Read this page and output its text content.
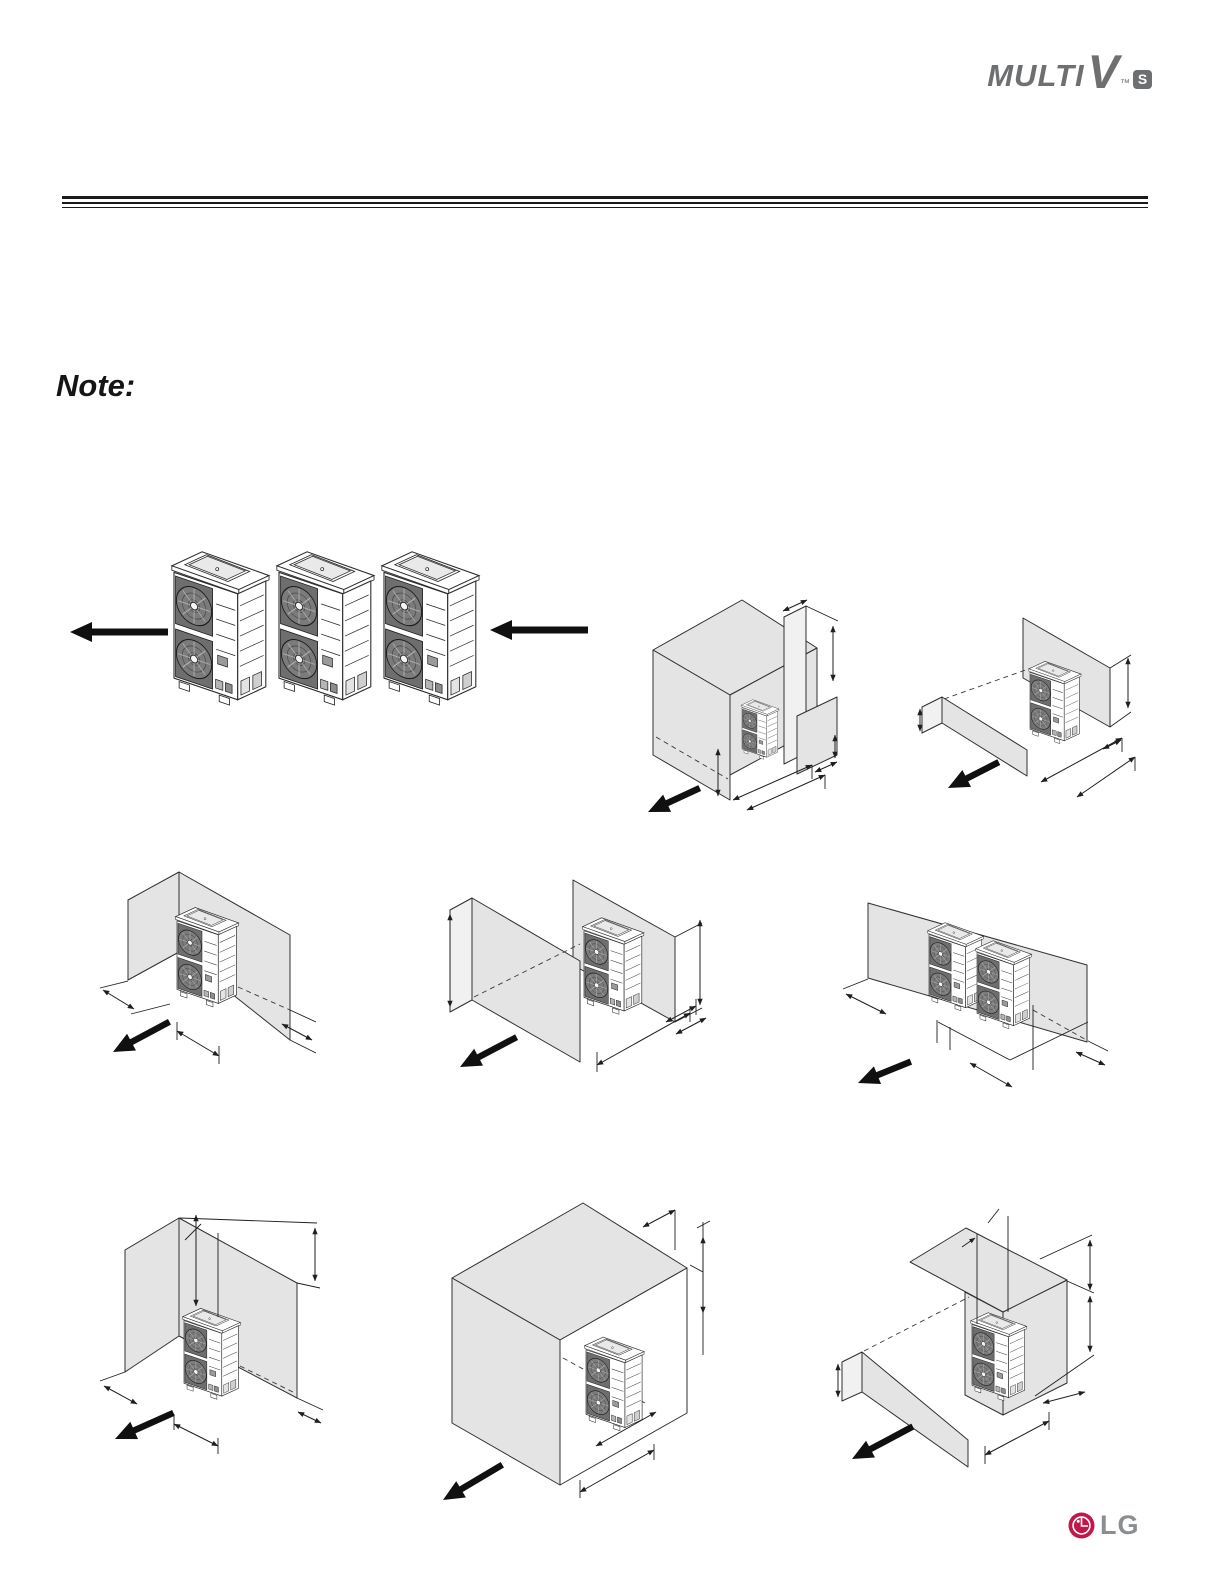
MULTI V ™ S
Note:
LG
